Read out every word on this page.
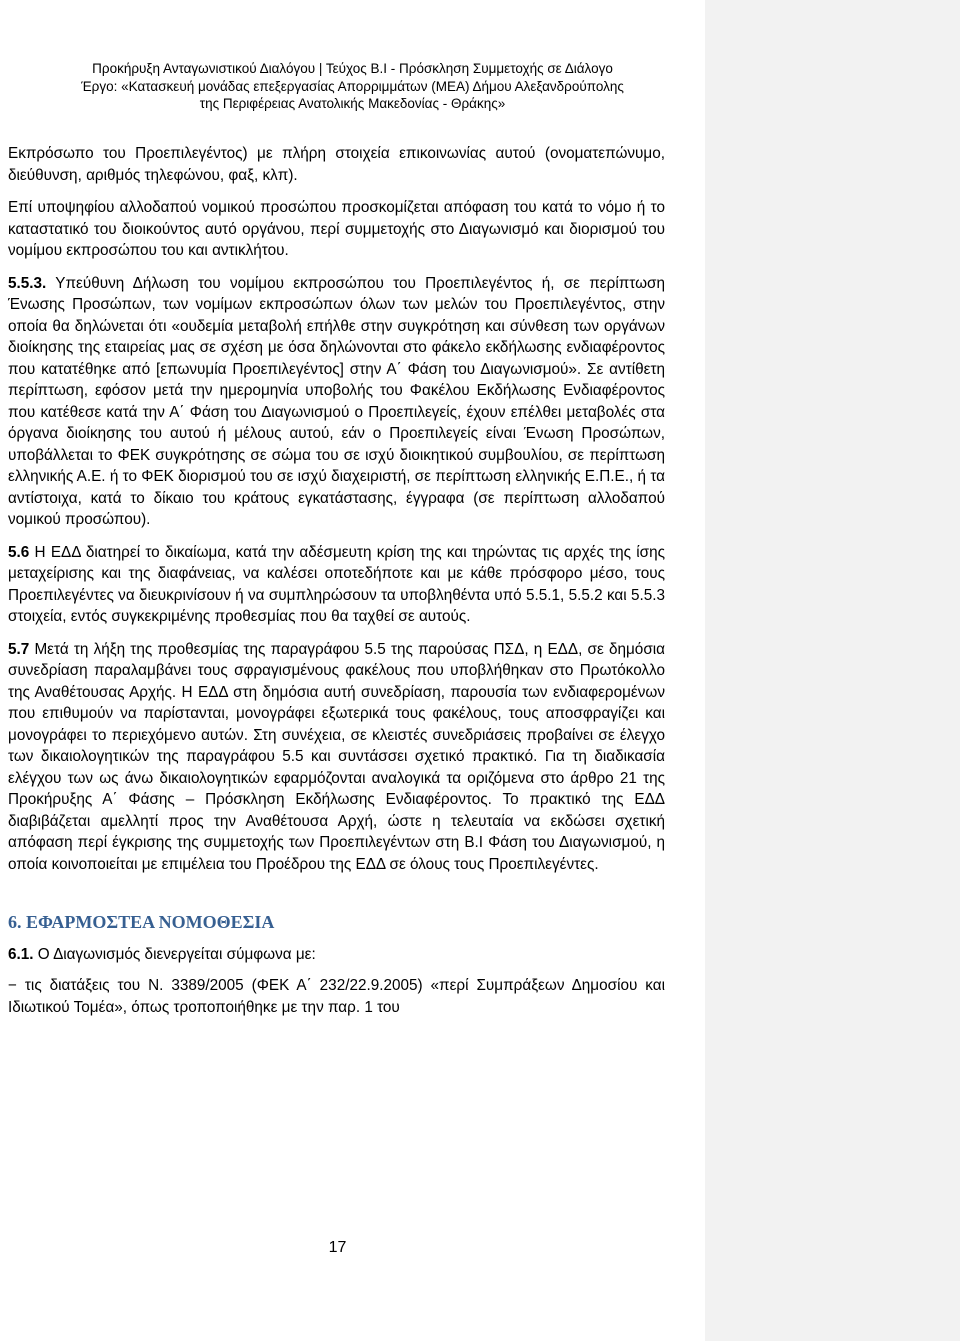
Προκήρυξη Ανταγωνιστικού Διαλόγου | Τεύχος Β.Ι - Πρόσκληση Συμμετοχής σε Διάλογο
Έργο: «Κατασκευή μονάδας επεξεργασίας Απορριμμάτων (ΜΕΑ) Δήμου Αλεξανδρούπολης
της Περιφέρειας Ανατολικής Μακεδονίας - Θράκης»

Εκπρόσωπο του Προεπιλεγέντος) με πλήρη στοιχεία επικοινωνίας αυτού (ονοματεπώνυμο, διεύθυνση, αριθμός τηλεφώνου, φαξ, κλπ).

Επί υποψηφίου αλλοδαπού νομικού προσώπου προσκομίζεται απόφαση του κατά το νόμο ή το καταστατικό του διοικούντος αυτό οργάνου, περί συμμετοχής στο Διαγωνισμό και διορισμού του νομίμου εκπροσώπου του και αντικλήτου.

5.5.3. Υπεύθυνη Δήλωση του νομίμου εκπροσώπου του Προεπιλεγέντος ή, σε περίπτωση Ένωσης Προσώπων, των νομίμων εκπροσώπων όλων των μελών του Προεπιλεγέντος, στην οποία θα δηλώνεται ότι «ουδεμία μεταβολή επήλθε στην συγκρότηση και σύνθεση των οργάνων διοίκησης της εταιρείας μας σε σχέση με όσα δηλώνονται στο φάκελο εκδήλωσης ενδιαφέροντος που κατατέθηκε από [επωνυμία Προεπιλεγέντος] στην Α΄ Φάση του Διαγωνισμού». Σε αντίθετη περίπτωση, εφόσον μετά την ημερομηνία υποβολής του Φακέλου Εκδήλωσης Ενδιαφέροντος που κατέθεσε κατά την Α΄ Φάση του Διαγωνισμού ο Προεπιλεγείς, έχουν επέλθει μεταβολές στα όργανα διοίκησης του αυτού ή μέλους αυτού, εάν ο Προεπιλεγείς είναι Ένωση Προσώπων, υποβάλλεται το ΦΕΚ συγκρότησης σε σώμα του σε ισχύ διοικητικού συμβουλίου, σε περίπτωση ελληνικής Α.Ε. ή το ΦΕΚ διορισμού του σε ισχύ διαχειριστή, σε περίπτωση ελληνικής Ε.Π.Ε., ή τα αντίστοιχα, κατά το δίκαιο του κράτους εγκατάστασης, έγγραφα (σε περίπτωση αλλοδαπού νομικού προσώπου).

5.6 Η ΕΔΔ διατηρεί το δικαίωμα, κατά την αδέσμευτη κρίση της και τηρώντας τις αρχές της ίσης μεταχείρισης και της διαφάνειας, να καλέσει οποτεδήποτε και με κάθε πρόσφορο μέσο, τους Προεπιλεγέντες να διευκρινίσουν ή να συμπληρώσουν τα υποβληθέντα υπό 5.5.1, 5.5.2 και 5.5.3 στοιχεία, εντός συγκεκριμένης προθεσμίας που θα ταχθεί σε αυτούς.

5.7 Μετά τη λήξη της προθεσμίας της παραγράφου 5.5 της παρούσας ΠΣΔ, η ΕΔΔ, σε δημόσια συνεδρίαση παραλαμβάνει τους σφραγισμένους φακέλους που υποβλήθηκαν στο Πρωτόκολλο της Αναθέτουσας Αρχής. Η ΕΔΔ στη δημόσια αυτή συνεδρίαση, παρουσία των ενδιαφερομένων που επιθυμούν να παρίστανται, μονογράφει εξωτερικά τους φακέλους, τους αποσφραγίζει και μονογράφει το περιεχόμενο αυτών. Στη συνέχεια, σε κλειστές συνεδριάσεις προβαίνει σε έλεγχο των δικαιολογητικών της παραγράφου 5.5 και συντάσσει σχετικό πρακτικό. Για τη διαδικασία ελέγχου των ως άνω δικαιολογητικών εφαρμόζονται αναλογικά τα οριζόμενα στο άρθρο 21 της Προκήρυξης Α΄ Φάσης – Πρόσκληση Εκδήλωσης Ενδιαφέροντος. Το πρακτικό της ΕΔΔ διαβιβάζεται αμελλητί προς την Αναθέτουσα Αρχή, ώστε η τελευταία να εκδώσει σχετική απόφαση περί έγκρισης της συμμετοχής των Προεπιλεγέντων στη Β.Ι Φάση του Διαγωνισμού, η οποία κοινοποιείται με επιμέλεια του Προέδρου της ΕΔΔ σε όλους τους Προεπιλεγέντες.

6. ΕΦΑΡΜΟΣΤΕΑ ΝΟΜΟΘΕΣΙΑ

6.1. Ο Διαγωνισμός διενεργείται σύμφωνα με:

− τις διατάξεις του Ν. 3389/2005 (ΦΕΚ Α΄ 232/22.9.2005) «περί Συμπράξεων Δημοσίου και Ιδιωτικού Τομέα», όπως τροποποιήθηκε με την παρ. 1 του

17
